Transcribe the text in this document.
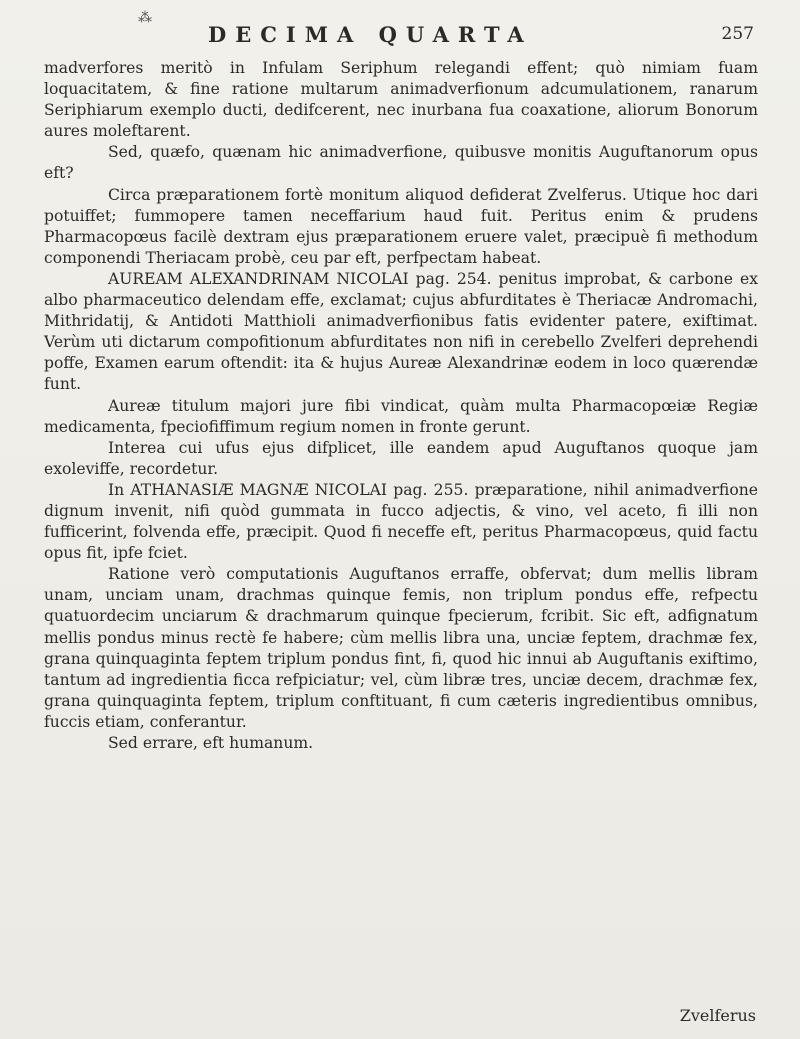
⁂
DECIMA QUARTA	257

madverfores meritò in Infulam Seriphum relegandi effent; quò nimiam fuam loquacitatem, & fine ratione multarum animadverfionum adcumulationem, ranarum Seriphiarum exemplo ducti, dedifcerent, nec inurbana fua coaxatione, aliorum Bonorum aures moleftarent.

Sed, quæfo, quænam hic animadverfione, quibusve monitis Auguftanorum opus eft?

Circa præparationem fortè monitum aliquod defiderat Zvelferus. Utique hoc dari potuiffet; fummopere tamen neceffarium haud fuit. Peritus enim & prudens Pharmacopœus facilè dextram ejus præparationem eruere valet, præcipuè fi methodum componendi Theriacam probè, ceu par eft, perfpectam habeat.

AUREAM ALEXANDRINAM NICOLAI pag. 254. penitus improbat, & carbone ex albo pharmaceutico delendam effe, exclamat; cujus abfurditates è Theriacæ Andromachi, Mithridatij, & Antidoti Matthioli animadverfionibus fatis evidenter patere, exiftimat. Verùm uti dictarum compofitionum abfurditates non nifi in cerebello Zvelferi deprehendi poffe, Examen earum oftendit: ita & hujus Aureæ Alexandrinæ eodem in loco quærendæ funt.

Aureæ titulum majori jure fibi vindicat, quàm multa Pharmacopœiæ Regiæ medicamenta, fpeciofiffimum regium nomen in fronte gerunt.

Interea cui ufus ejus difplicet, ille eandem apud Auguftanos quoque jam exoleviffe, recordetur.

In ATHANASIÆ MAGNÆ NICOLAI pag. 255. præparatione, nihil animadverfione dignum invenit, nifi quòd gummata in fucco adjectis, & vino, vel aceto, fi illi non fufficerint, folvenda effe, præcipit. Quod fi neceffe eft, peritus Pharmacopœus, quid factu opus fit, ipfe fciet.

Ratione verò computationis Auguftanos erraffe, obfervat; dum mellis libram unam, unciam unam, drachmas quinque femis, non triplum pondus effe, refpectu quatuordecim unciarum & drachmarum quinque fpecierum, fcribit. Sic eft, adfignatum mellis pondus minus rectè fe habere; cùm mellis libra una, unciæ feptem, drachmæ fex, grana quinquaginta feptem triplum pondus fint, fi, quod hic innui ab Auguftanis exiftimo, tantum ad ingredientia ficca refpiciatur; vel, cùm libræ tres, unciæ decem, drachmæ fex, grana quinquaginta feptem, triplum conftituant, fi cum cæteris ingredientibus omnibus, fuccis etiam, conferantur.

Sed errare, eft humanum.

Zvelferus
